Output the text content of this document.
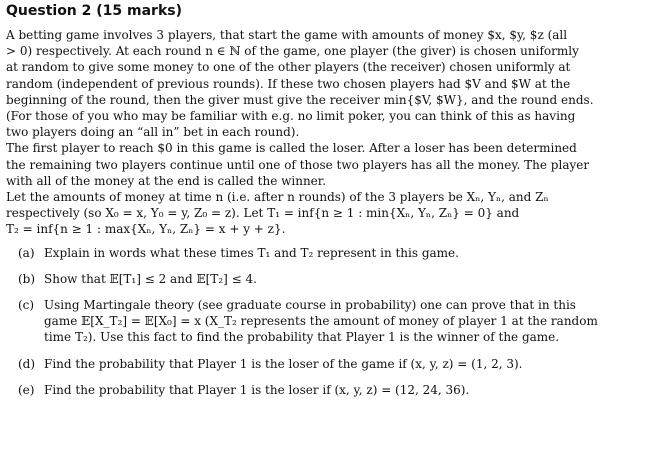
Question 2 (15 marks)
A betting game involves 3 players, that start the game with amounts of money $x, $y, $z (all
> 0) respectively. At each round n ∈ ℕ of the game, one player (the giver) is chosen uniformly
at random to give some money to one of the other players (the receiver) chosen uniformly at
random (independent of previous rounds). If these two chosen players had $V and $W at the
beginning of the round, then the giver must give the receiver min{$V, $W}, and the round ends.
(For those of you who may be familiar with e.g. no limit poker, you can think of this as having
two players doing an “all in” bet in each round).
The first player to reach $0 in this game is called the loser. After a loser has been determined
the remaining two players continue until one of those two players has all the money. The player
with all of the money at the end is called the winner.
Let the amounts of money at time n (i.e. after n rounds) of the 3 players be Xₙ, Yₙ, and Zₙ
respectively (so X₀ = x, Y₀ = y, Z₀ = z). Let T₁ = inf{n ≥ 1 : min{Xₙ, Yₙ, Zₙ} = 0} and
T₂ = inf{n ≥ 1 : max{Xₙ, Yₙ, Zₙ} = x + y + z}.
(a) Explain in words what these times T₁ and T₂ represent in this game.
(b) Show that 𝔼[T₁] ≤ 2 and 𝔼[T₂] ≤ 4.
(c) Using Martingale theory (see graduate course in probability) one can prove that in this
game 𝔼[X_T₂] = 𝔼[X₀] = x (X_T₂ represents the amount of money of player 1 at the random
time T₂). Use this fact to find the probability that Player 1 is the winner of the game.
(d) Find the probability that Player 1 is the loser of the game if (x, y, z) = (1, 2, 3).
(e) Find the probability that Player 1 is the loser if (x, y, z) = (12, 24, 36).
